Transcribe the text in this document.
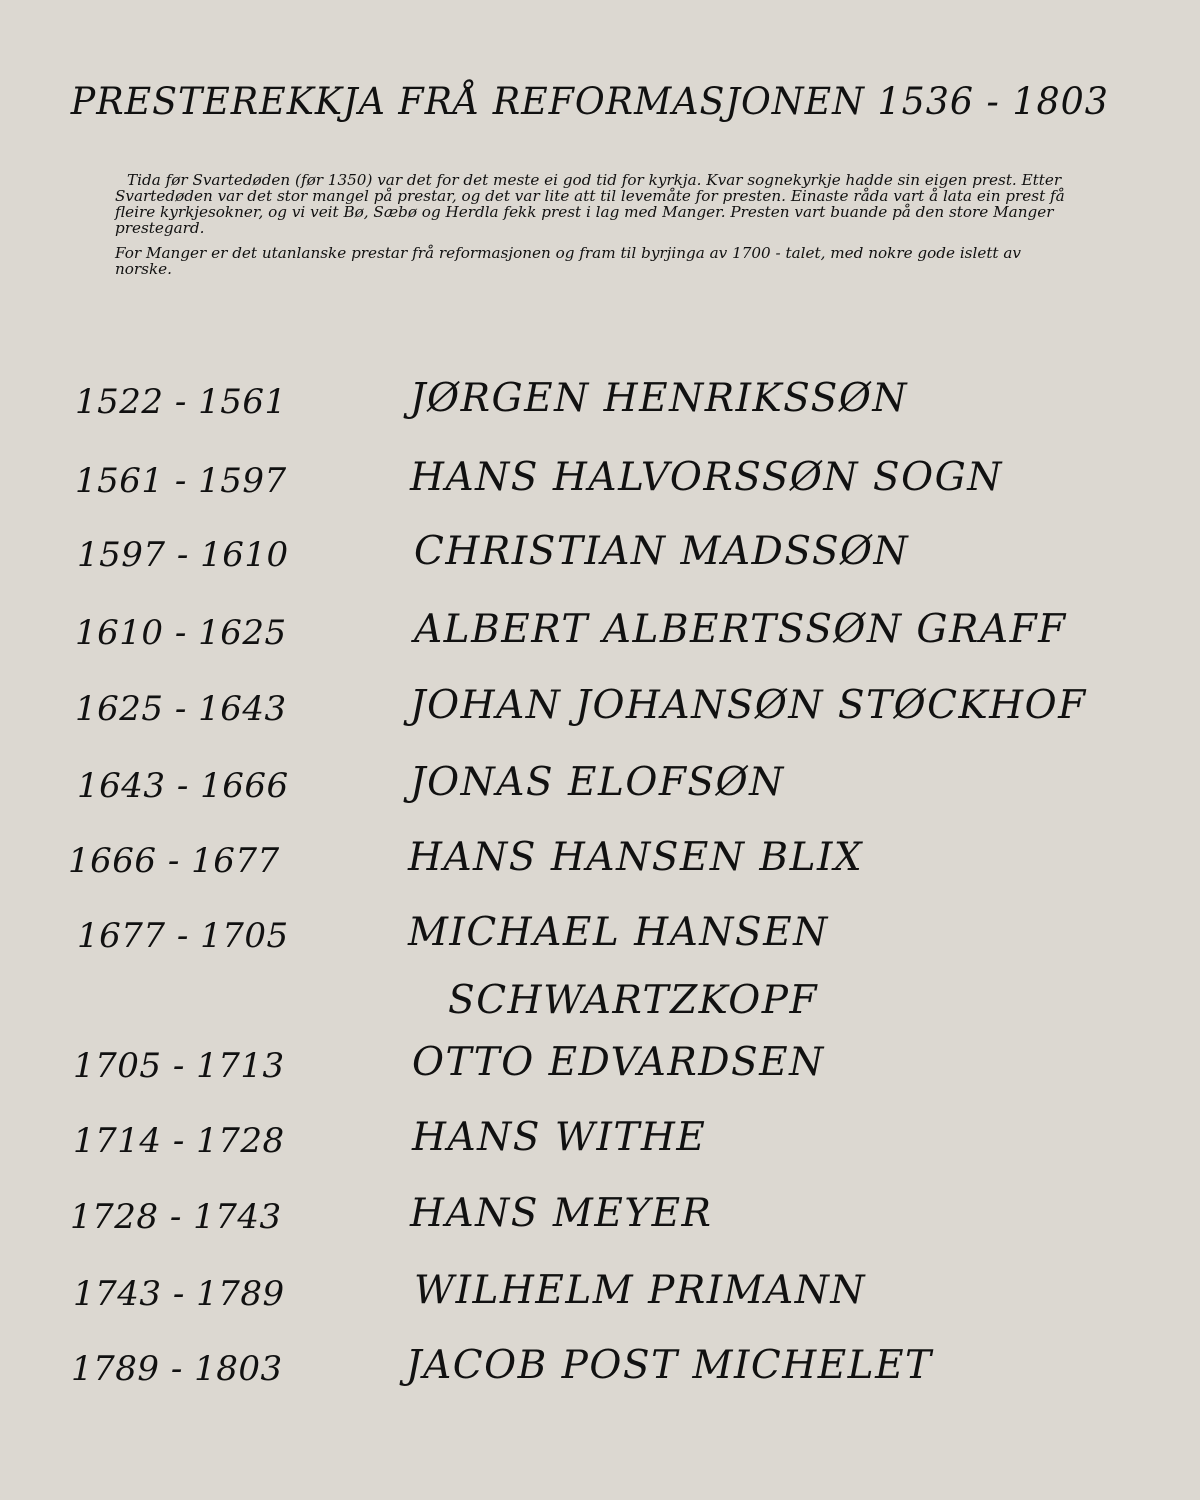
PRESTEREKKJA FRÅ REFORMASJONEN 1536 - 1803

Tida før Svartedøden (før 1350) var det for det meste ei god tid for kyrkja. Kvar sognekyrkje hadde sin eigen prest. Etter Svartedøden var det stor mangel på prestar, og det var lite att til levemåte for presten. Einaste råda vart å lata ein prest få fleire kyrkjesokner, og vi veit Bø, Sæbø og Herdla fekk prest i lag med Manger. Presten vart buande på den store Manger prestegard.

For Manger er det utanlanske prestar frå reformasjonen og fram til byrjinga av 1700 - talet, med nokre gode islett av norske.

1522 - 1561	JØRGEN HENRIKSSØN
1561 - 1597	HANS HALVORSSØN SOGN
1597 - 1610	CHRISTIAN MADSSØN
1610 - 1625	ALBERT ALBERTSSØN GRAFF
1625 - 1643	JOHAN JOHANSØN STØCKHOF
1643 - 1666	JONAS ELOFSØN
1666 - 1677	HANS HANSEN BLIX
1677 - 1705	MICHAEL HANSEN
SCHWARTZKOPF
1705 - 1713	OTTO EDVARDSEN
1714 - 1728	HANS WITHE
1728 - 1743	HANS MEYER
1743 - 1789	WILHELM PRIMANN
1789 - 1803	JACOB POST MICHELET
